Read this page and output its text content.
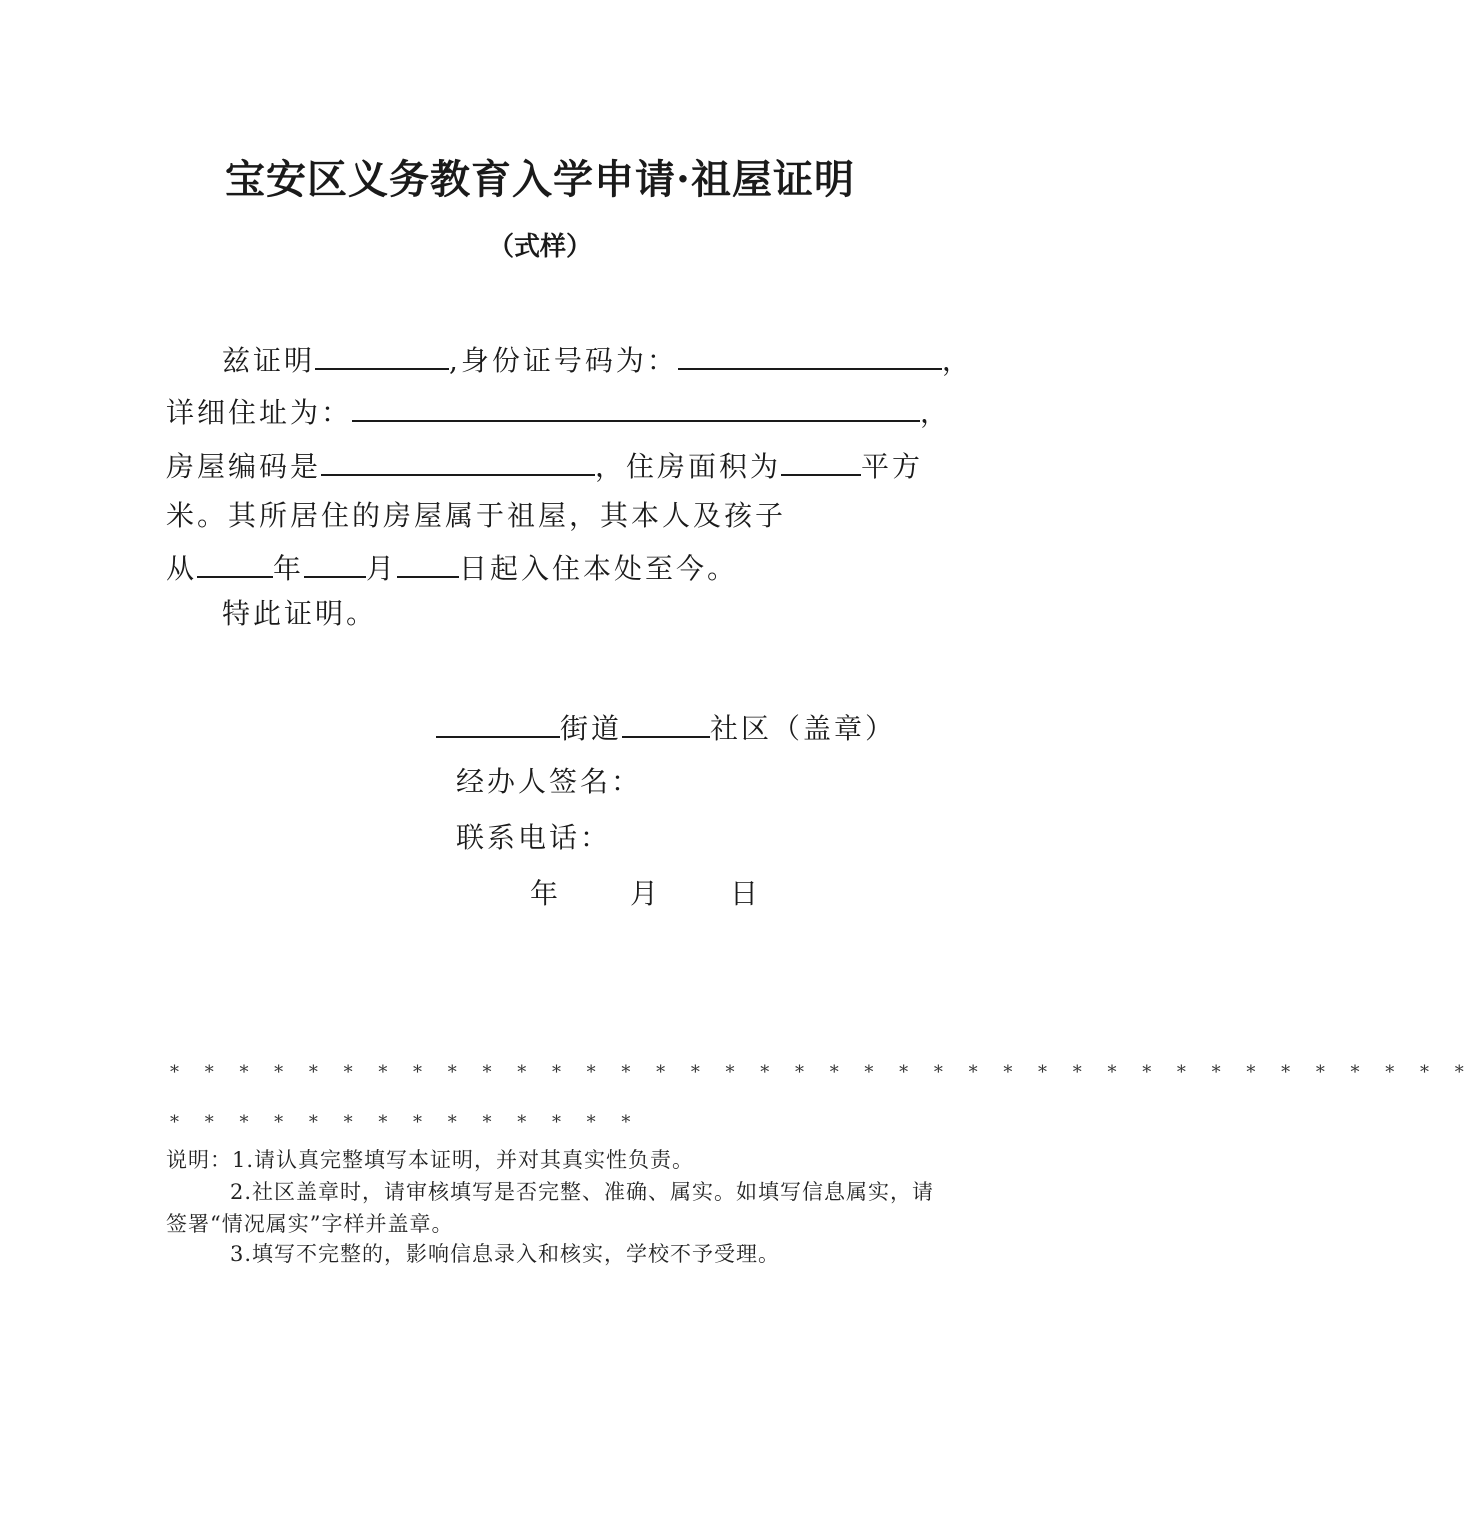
宝安区义务教育入学申请·祖屋证明
（式样）
兹证明	,身份证号码为：	，
详细住址为：	，
房屋编码是	，住房面积为	平方
米。其所居住的房屋属于祖屋，其本人及孩子
从	年 月 日起入住本处至今。
特此证明。
街道	社区（盖章）
经办人签名：
联系电话：
年 月 日
* * * * * * * * * * * * * * * * * * * * * * * * * * * * * * * * * * * * * *
* * * * * * * * * * * * * *
说明：1.请认真完整填写本证明，并对其真实性负责。
2.社区盖章时，请审核填写是否完整、准确、属实。如填写信息属实，请
签署“情况属实”字样并盖章。
3.填写不完整的，影响信息录入和核实，学校不予受理。
